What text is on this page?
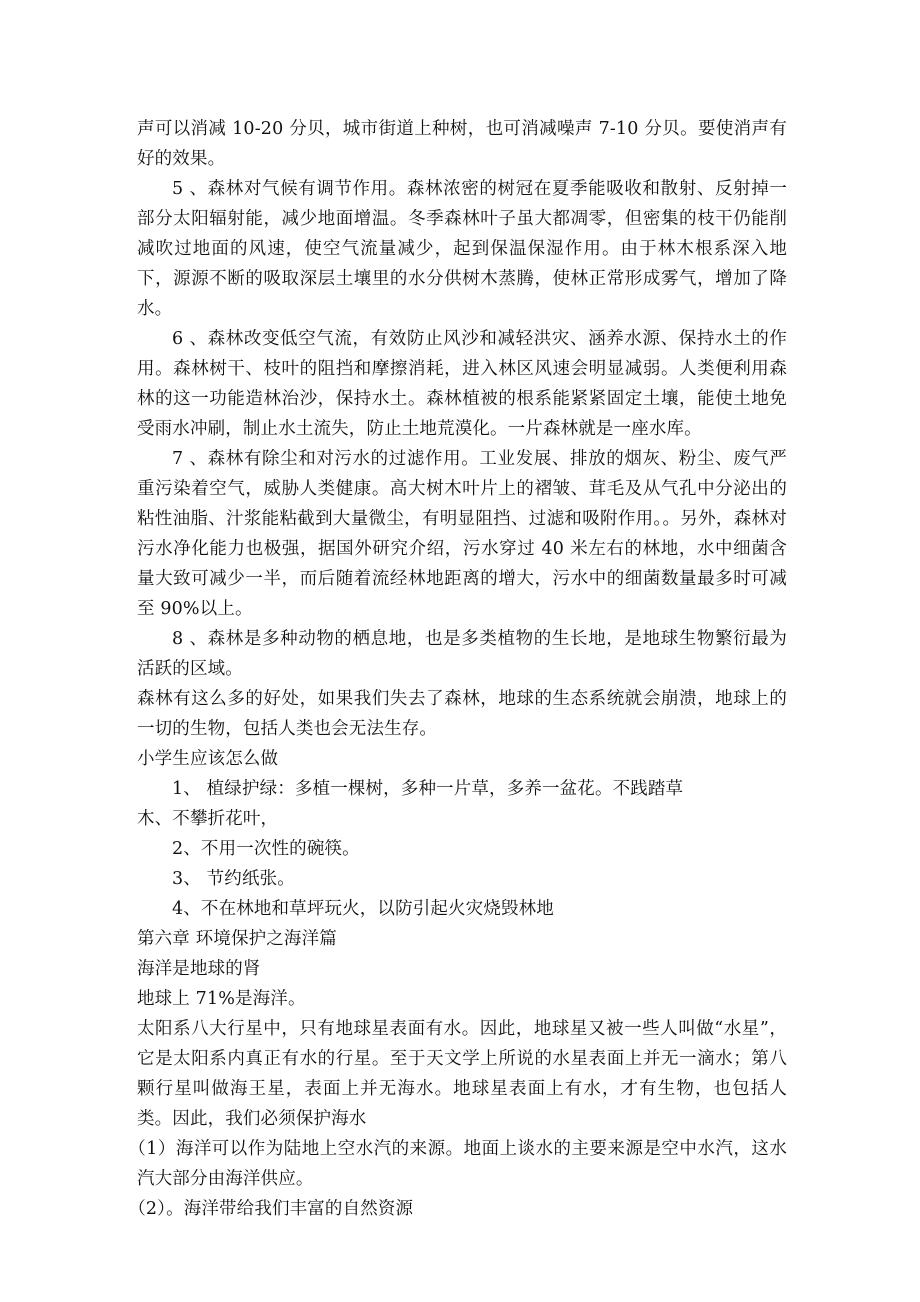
声可以消减 10-20 分贝，城市街道上种树，也可消减噪声 7-10 分贝。要使消声有好的效果。

5 、森林对气候有调节作用。森林浓密的树冠在夏季能吸收和散射、反射掉一部分太阳辐射能，减少地面增温。冬季森林叶子虽大都凋零，但密集的枝干仍能削减吹过地面的风速，使空气流量减少，起到保温保湿作用。由于林木根系深入地下，源源不断的吸取深层土壤里的水分供树木蒸腾，使林正常形成雾气，增加了降水。

6 、森林改变低空气流，有效防止风沙和减轻洪灾、涵养水源、保持水土的作用。森林树干、枝叶的阻挡和摩擦消耗，进入林区风速会明显减弱。人类便利用森林的这一功能造林治沙，保持水土。森林植被的根系能紧紧固定土壤，能使土地免受雨水冲刷，制止水土流失，防止土地荒漠化。一片森林就是一座水库。

7 、森林有除尘和对污水的过滤作用。工业发展、排放的烟灰、粉尘、废气严重污染着空气，威胁人类健康。高大树木叶片上的褶皱、茸毛及从气孔中分泌出的粘性油脂、汁浆能粘截到大量微尘，有明显阻挡、过滤和吸附作用。。另外，森林对污水净化能力也极强，据国外研究介绍，污水穿过 40 米左右的林地，水中细菌含量大致可减少一半，而后随着流经林地距离的增大，污水中的细菌数量最多时可减至 90%以上。

8 、森林是多种动物的栖息地，也是多类植物的生长地，是地球生物繁衍最为活跃的区域。

森林有这么多的好处，如果我们失去了森林，地球的生态系统就会崩溃，地球上的一切的生物，包括人类也会无法生存。

小学生应该怎么做

1、 植绿护绿：多植一棵树，多种一片草，多养一盆花。不践踏草
木、不攀折花叶，

2、不用一次性的碗筷。

3、 节约纸张。

4、不在林地和草坪玩火，以防引起火灾烧毁林地

第六章 环境保护之海洋篇

海洋是地球的肾

地球上 71%是海洋。

太阳系八大行星中，只有地球星表面有水。因此，地球星又被一些人叫做“水星”，它是太阳系内真正有水的行星。至于天文学上所说的水星表面上并无一滴水；第八颗行星叫做海王星，表面上并无海水。地球星表面上有水，才有生物，也包括人类。因此，我们必须保护海水

（1）海洋可以作为陆地上空水汽的来源。地面上谈水的主要来源是空中水汽，这水汽大部分由海洋供应。

（2）。海洋带给我们丰富的自然资源
